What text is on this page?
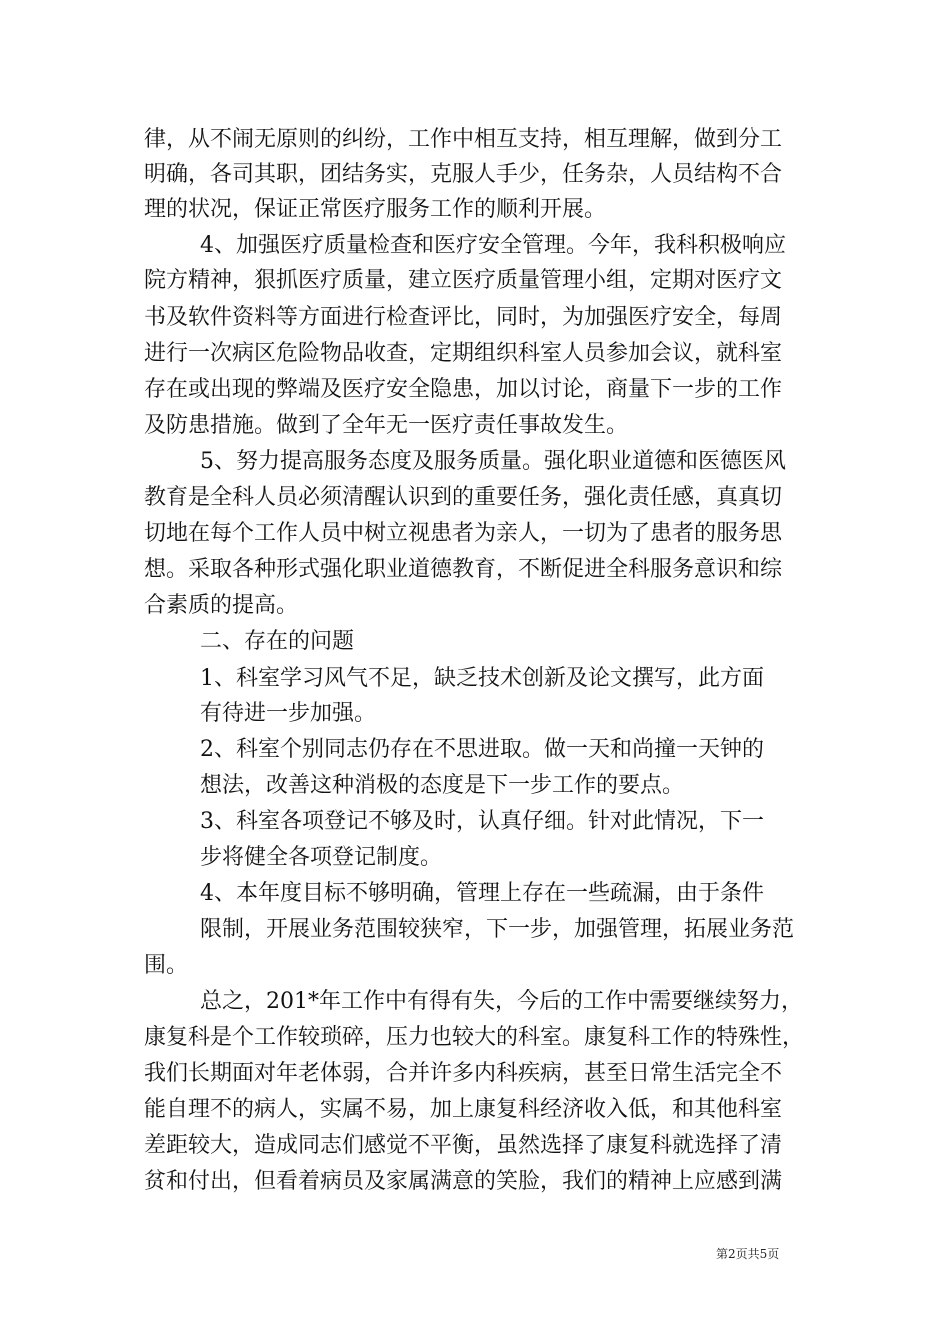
律，从不闹无原则的纠纷，工作中相互支持，相互理解，做到分工

明确，各司其职，团结务实，克服人手少，任务杂，人员结构不合

理的状况，保证正常医疗服务工作的顺利开展。

4、加强医疗质量检查和医疗安全管理。今年，我科积极响应

院方精神，狠抓医疗质量，建立医疗质量管理小组，定期对医疗文

书及软件资料等方面进行检查评比，同时，为加强医疗安全，每周

进行一次病区危险物品收查，定期组织科室人员参加会议，就科室

存在或出现的弊端及医疗安全隐患，加以讨论，商量下一步的工作

及防患措施。做到了全年无一医疗责任事故发生。

5、努力提高服务态度及服务质量。强化职业道德和医德医风

教育是全科人员必须清醒认识到的重要任务，强化责任感，真真切

切地在每个工作人员中树立视患者为亲人，一切为了患者的服务思

想。采取各种形式强化职业道德教育，不断促进全科服务意识和综

合素质的提高。

二、存在的问题

1、科室学习风气不足，缺乏技术创新及论文撰写，此方面

有待进一步加强。

2、科室个别同志仍存在不思进取。做一天和尚撞一天钟的

想法，改善这种消极的态度是下一步工作的要点。

3、科室各项登记不够及时，认真仔细。针对此情况，下一

步将健全各项登记制度。

4、本年度目标不够明确，管理上存在一些疏漏，由于条件

限制，开展业务范围较狭窄，下一步，加强管理，拓展业务范

围。

总之，201*年工作中有得有失，今后的工作中需要继续努力，

康复科是个工作较琐碎，压力也较大的科室。康复科工作的特殊性，

我们长期面对年老体弱，合并许多内科疾病，甚至日常生活完全不

能自理不的病人，实属不易，加上康复科经济收入低，和其他科室

差距较大，造成同志们感觉不平衡，虽然选择了康复科就选择了清

贫和付出，但看着病员及家属满意的笑脸，我们的精神上应感到满

第2页共5页
